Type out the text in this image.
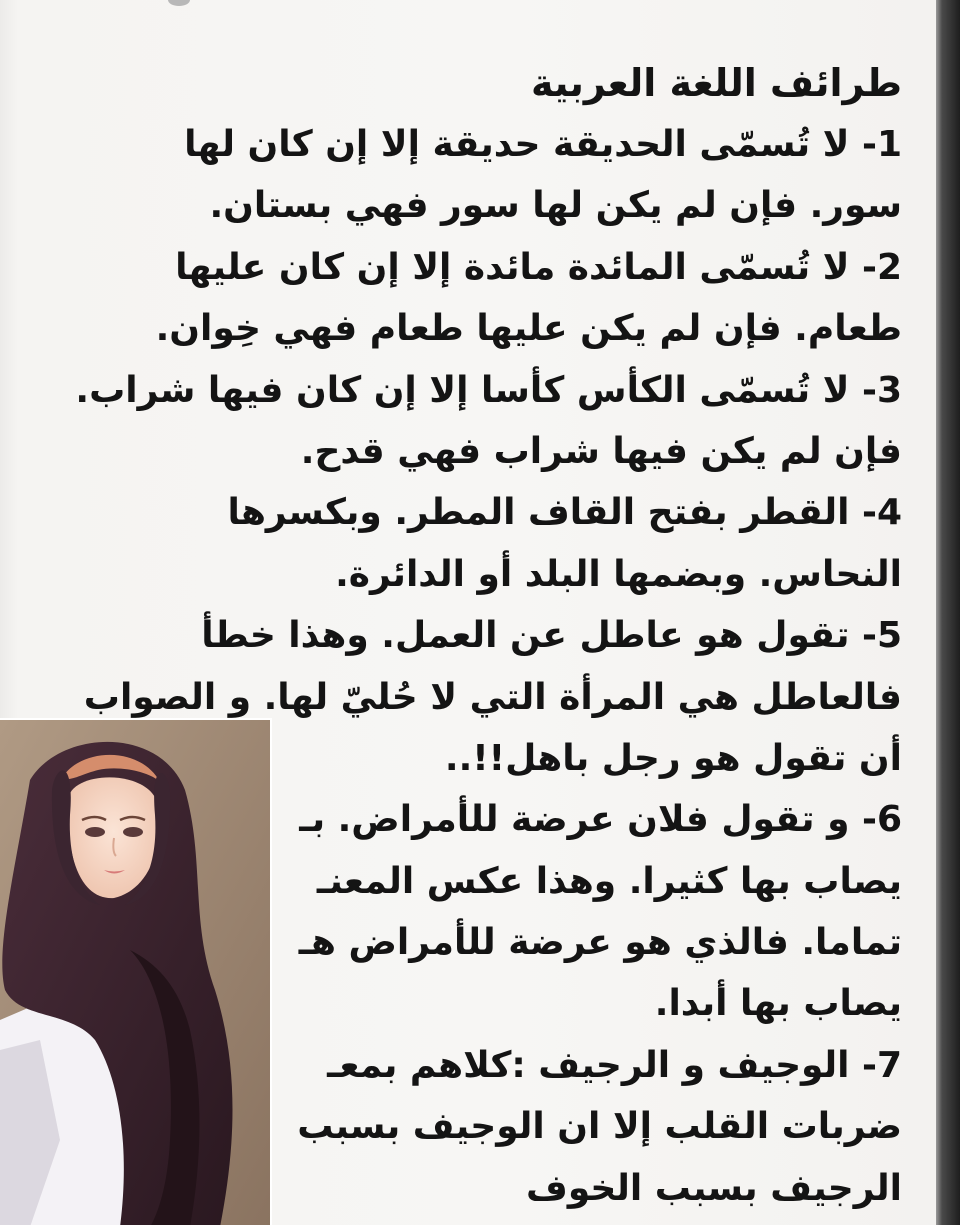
طرائف اللغة العربية
1- لا تُسمّى الحديقة حديقة إلا إن كان لها
سور. فإن لم يكن لها سور فهي بستان.
2- لا تُسمّى المائدة مائدة إلا إن كان عليها
طعام. فإن لم يكن عليها طعام فهي خِوان.
3- لا تُسمّى الكأس كأسا إلا إن كان فيها شراب.
فإن لم يكن فيها شراب فهي قدح.
4- القطر بفتح القاف المطر. وبكسرها
النحاس. وبضمها البلد أو الدائرة.
5- تقول هو عاطل عن العمل. وهذا خطأ
فالعاطل هي المرأة التي لا حُليّ لها. و الصواب
أن تقول هو رجل باهل!!..
6- و تقول فلان عرضة للأمراض. بـ
يصاب بها كثيرا. وهذا عكس المعنـ
تماما. فالذي هو عرضة للأمراض هـ
يصاب بها أبدا.
7- الوجيف و الرجيف :كلاهم بمعـ
ضربات القلب إلا ان الوجيف بسبب
الرجيف بسبب الخوف
